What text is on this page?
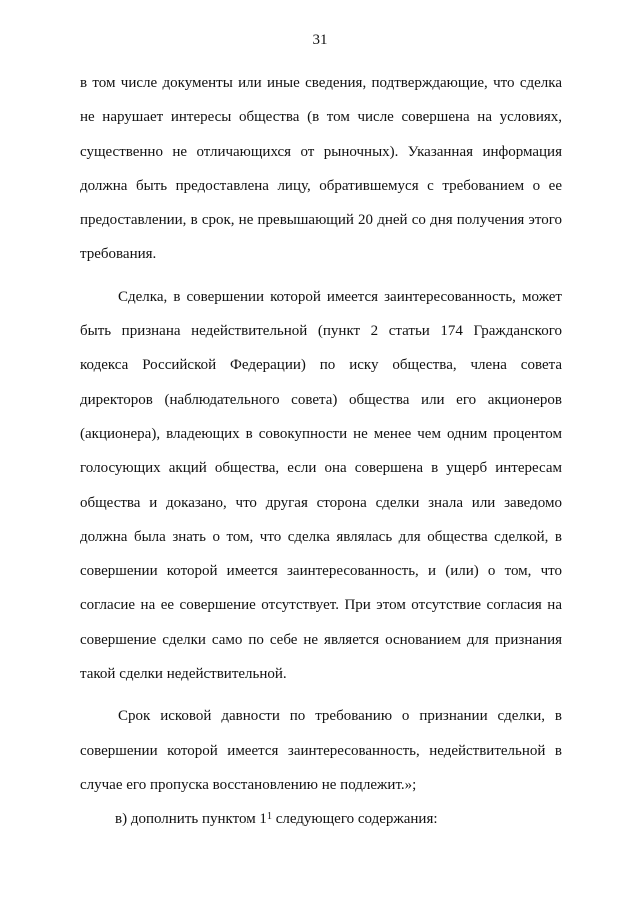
31

в том числе документы или иные сведения, подтверждающие, что сделка не нарушает интересы общества (в том числе совершена на условиях, существенно не отличающихся от рыночных). Указанная информация должна быть предоставлена лицу, обратившемуся с требованием о ее предоставлении, в срок, не превышающий 20 дней со дня получения этого требования.

Сделка, в совершении которой имеется заинтересованность, может быть признана недействительной (пункт 2 статьи 174 Гражданского кодекса Российской Федерации) по иску общества, члена совета директоров (наблюдательного совета) общества или его акционеров (акционера), владеющих в совокупности не менее чем одним процентом голосующих акций общества, если она совершена в ущерб интересам общества и доказано, что другая сторона сделки знала или заведомо должна была знать о том, что сделка являлась для общества сделкой, в совершении которой имеется заинтересованность, и (или) о том, что согласие на ее совершение отсутствует. При этом отсутствие согласия на совершение сделки само по себе не является основанием для признания такой сделки недействительной.

Срок исковой давности по требованию о признании сделки, в совершении которой имеется заинтересованность, недействительной в случае его пропуска восстановлению не подлежит.»;

в) дополнить пунктом $1^1$ следующего содержания:
